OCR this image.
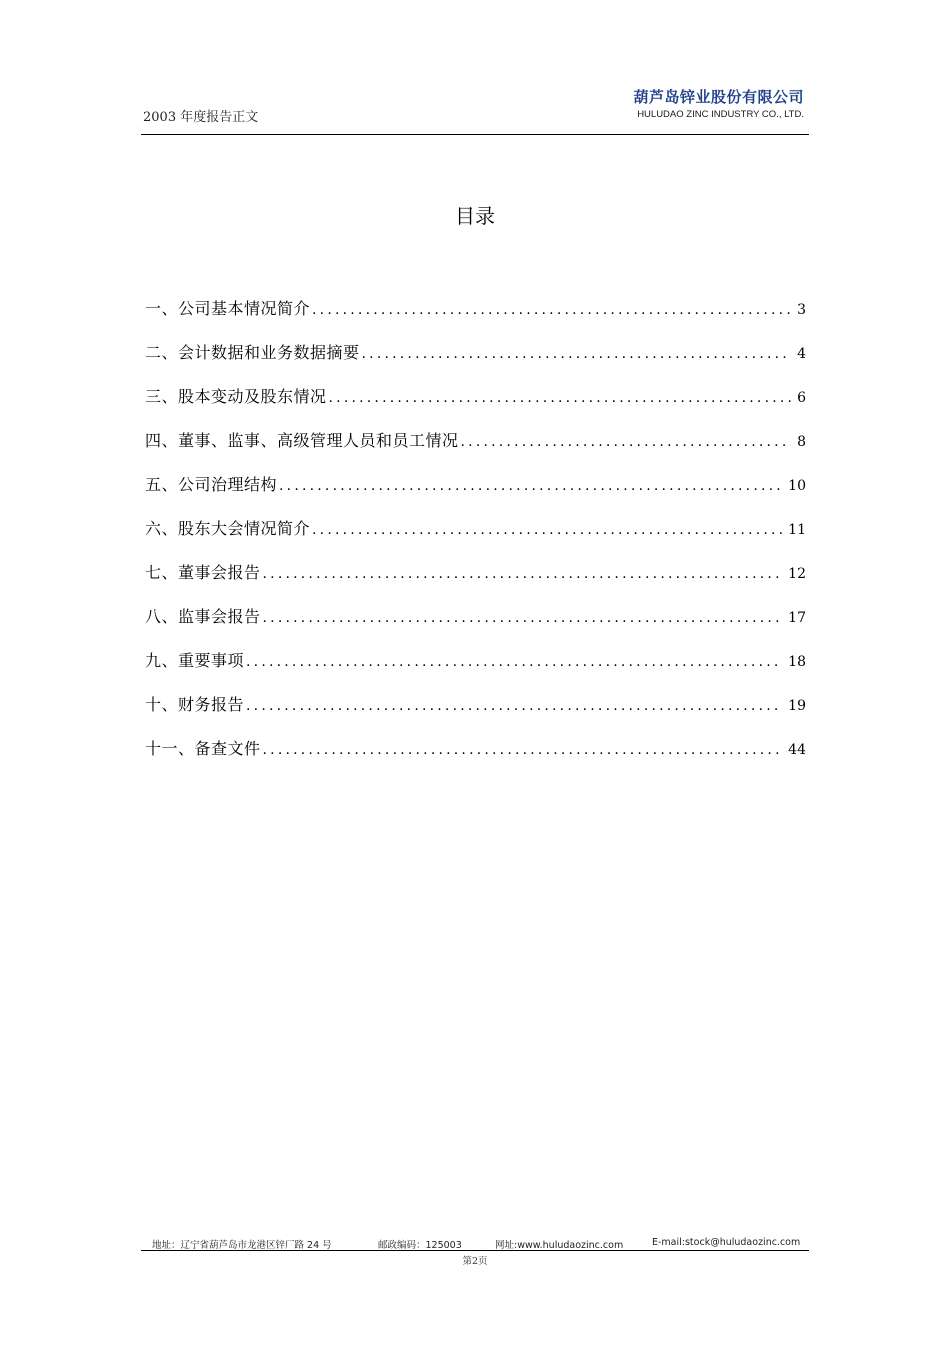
2003 年度报告正文
葫芦岛锌业股份有限公司
HULUDAO ZINC INDUSTRY CO., LTD.
目录
一、公司基本情况简介 .....	3
二、会计数据和业务数据摘要 .....	4
三、股本变动及股东情况 .....	6
四、董事、监事、高级管理人员和员工情况 .....	8
五、公司治理结构 .....	10
六、股东大会情况简介 .....	11
七、董事会报告 .....	12
八、监事会报告 .....	17
九、重要事项 .....	18
十、财务报告 .....	19
十一、备查文件 .....	44
地址：辽宁省葫芦岛市龙港区锌厂路 24 号	邮政编码：125003	网址:www.huludaozinc.com	E-mail:stock@huludaozinc.com
第2页
